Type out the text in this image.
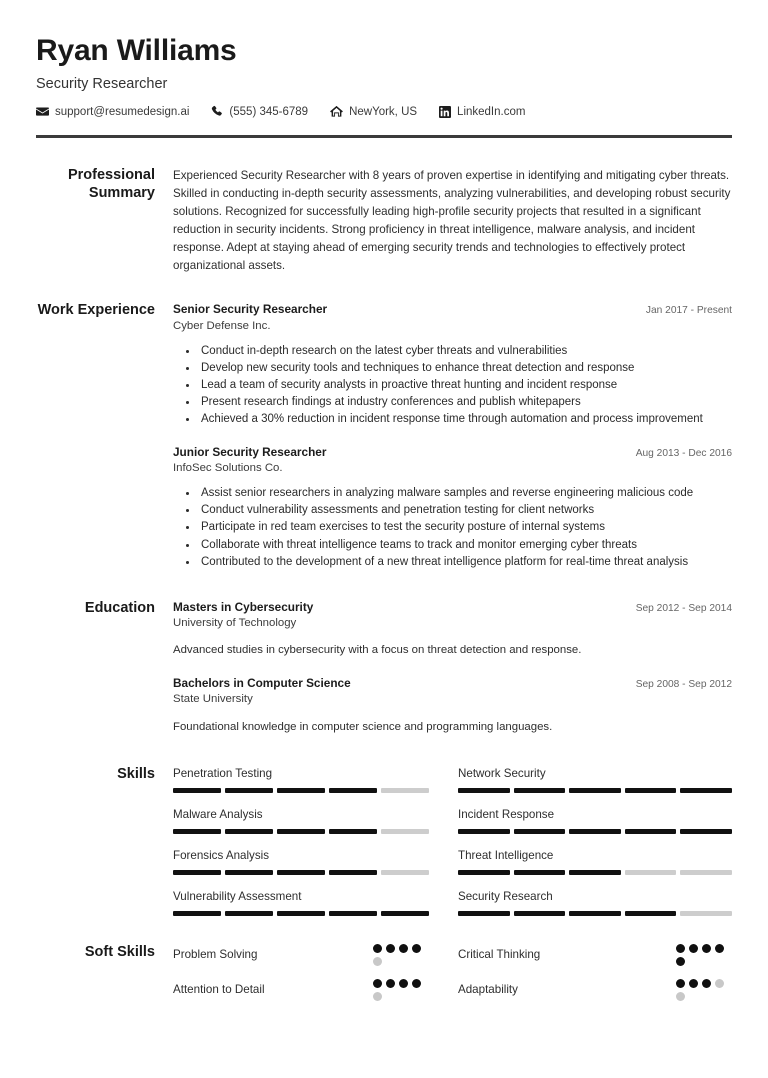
Ryan Williams
Security Researcher
support@resumedesign.ai	(555) 345-6789	NewYork, US	LinkedIn.com
Professional Summary
Experienced Security Researcher with 8 years of proven expertise in identifying and mitigating cyber threats. Skilled in conducting in-depth security assessments, analyzing vulnerabilities, and developing robust security solutions. Recognized for successfully leading high-profile security projects that resulted in a significant reduction in security incidents. Strong proficiency in threat intelligence, malware analysis, and incident response. Adept at staying ahead of emerging security trends and technologies to effectively protect organizational assets.
Work Experience	Senior Security Researcher	Jan 2017 - Present
Cyber Defense Inc.
• Conduct in-depth research on the latest cyber threats and vulnerabilities
• Develop new security tools and techniques to enhance threat detection and response
• Lead a team of security analysts in proactive threat hunting and incident response
• Present research findings at industry conferences and publish whitepapers
• Achieved a 30% reduction in incident response time through automation and process improvement
Junior Security Researcher	Aug 2013 - Dec 2016
InfoSec Solutions Co.
• Assist senior researchers in analyzing malware samples and reverse engineering malicious code
• Conduct vulnerability assessments and penetration testing for client networks
• Participate in red team exercises to test the security posture of internal systems
• Collaborate with threat intelligence teams to track and monitor emerging cyber threats
• Contributed to the development of a new threat intelligence platform for real-time threat analysis
Education	Masters in Cybersecurity	Sep 2012 - Sep 2014
University of Technology
Advanced studies in cybersecurity with a focus on threat detection and response.
Bachelors in Computer Science	Sep 2008 - Sep 2012
State University
Foundational knowledge in computer science and programming languages.
Skills	Penetration Testing	Network Security
Malware Analysis	Incident Response
Forensics Analysis	Threat Intelligence
Vulnerability Assessment	Security Research
Soft Skills	Problem Solving	Critical Thinking
Attention to Detail	Adaptability
